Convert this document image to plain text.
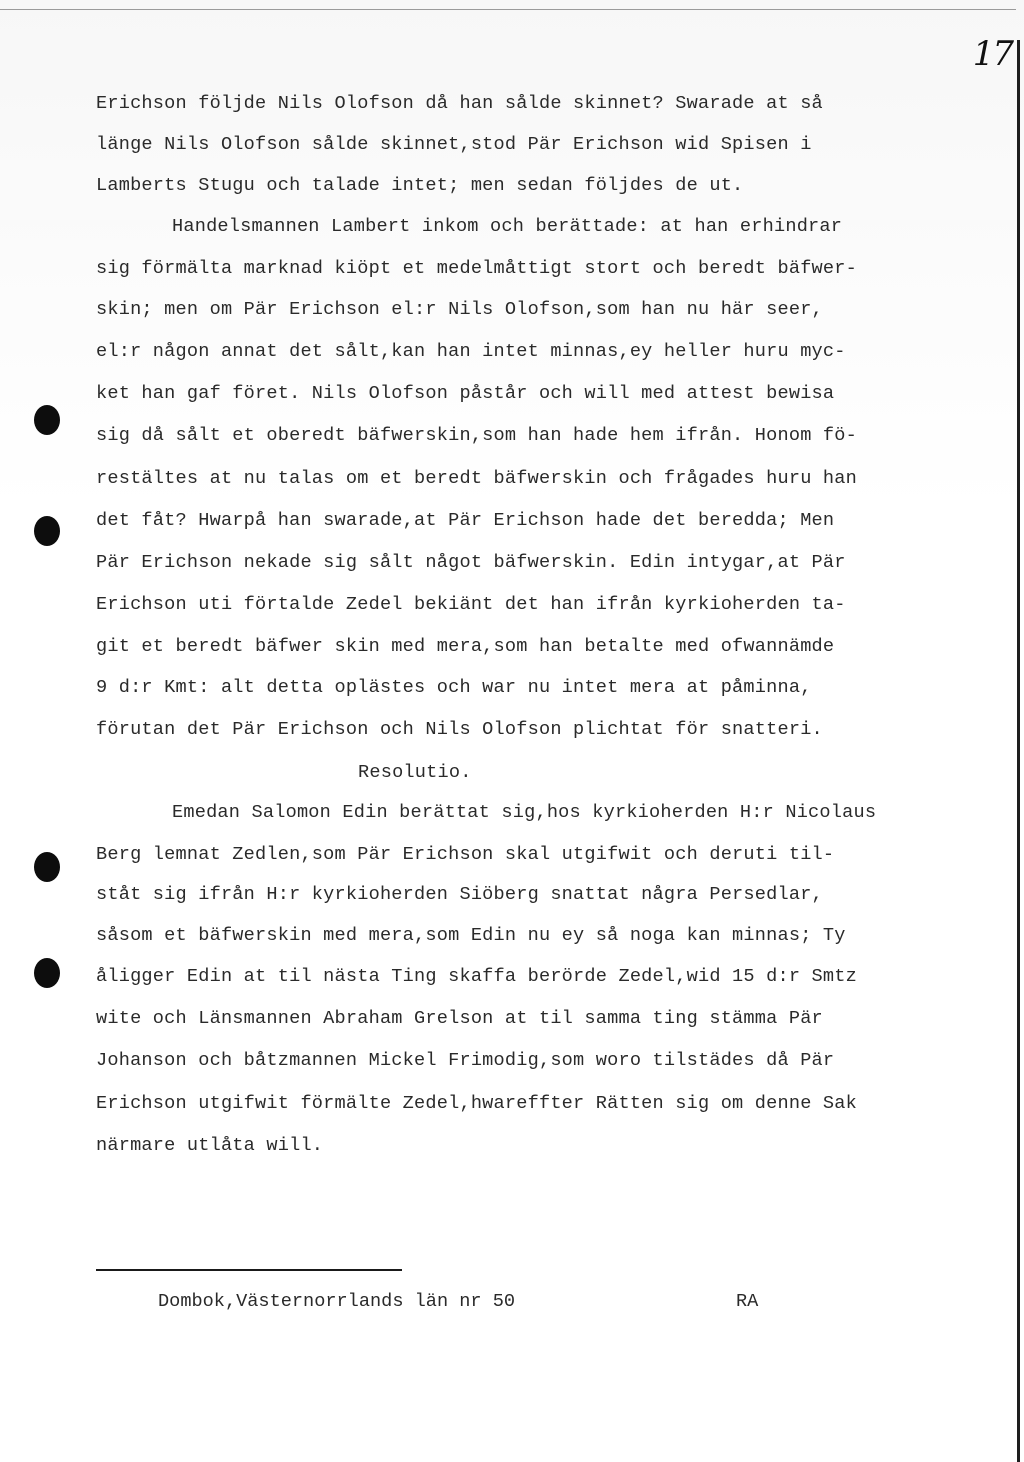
17
Erichson följde Nils Olofson då han sålde skinnet? Swarade at så
länge Nils Olofson sålde skinnet,stod Pär Erichson wid Spisen i
Lamberts Stugu och talade intet; men sedan följdes de ut.
Handelsmannen Lambert inkom och berättade: at han erhindrar
sig förmälta marknad kiöpt et medelmåttigt stort och beredt bäfwer-
skin; men om Pär Erichson el:r Nils Olofson,som han nu här seer,
el:r någon annat det sålt,kan han intet minnas,ey heller huru myc-
ket han gaf föret. Nils Olofson påstår och will med attest bewisa
sig då sålt et oberedt bäfwerskin,som han hade hem ifrån. Honom fö-
restältes at nu talas om et beredt bäfwerskin och frågades huru han
det fåt? Hwarpå han swarade,at Pär Erichson hade det beredda; Men
Pär Erichson nekade sig sålt något bäfwerskin. Edin intygar,at Pär
Erichson uti förtalde Zedel bekiänt det han ifrån kyrkioherden ta-
git et beredt bäfwer skin med mera,som han betalte med ofwannämde
9 d:r Kmt: alt detta oplästes och war nu intet mera at påminna,
förutan det Pär Erichson och Nils Olofson plichtat för snatteri.
Resolutio.
Emedan Salomon Edin berättat sig,hos kyrkioherden H:r Nicolaus
Berg lemnat Zedlen,som Pär Erichson skal utgifwit och deruti til-
ståt sig ifrån H:r kyrkioherden Siöberg snattat några Persedlar,
såsom et bäfwerskin med mera,som Edin nu ey så noga kan minnas; Ty
åligger Edin at til nästa Ting skaffa berörde Zedel,wid 15 d:r Smtz
wite och Länsmannen Abraham Grelson at til samma ting stämma Pär
Johanson och båtzmannen Mickel Frimodig,som woro tilstädes då Pär
Erichson utgifwit förmälte Zedel,hwareffter Rätten sig om denne Sak
närmare utlåta will.
Dombok,Västernorrlands län nr 50	RA
